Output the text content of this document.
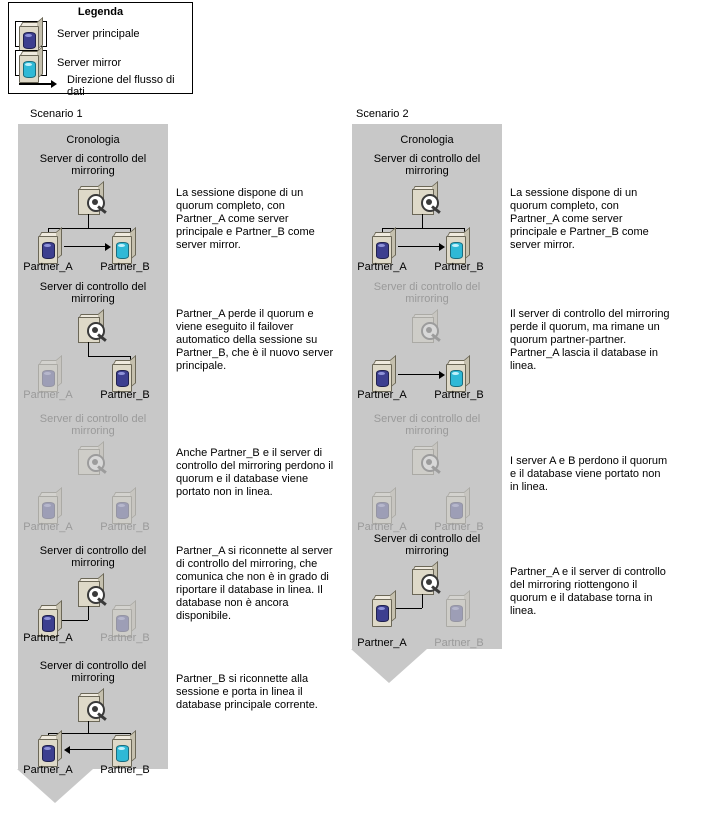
Legenda
Server principale
Server mirror
Direzione del flusso di dati
Scenario 1
Cronologia
Server di controllo del mirroring
Partner_A	Partner_B
La sessione dispone di un quorum completo, con Partner_A come server principale e Partner_B come server mirror.
Server di controllo del mirroring
Partner_A	Partner_B
Partner_A perde il quorum e viene eseguito il failover automatico della sessione su Partner_B, che è il nuovo server principale.
Server di controllo del mirroring
Partner_A	Partner_B
Anche Partner_B e il server di controllo del mirroring perdono il quorum e il database viene portato non in linea.
Server di controllo del mirroring
Partner_A	Partner_B
Partner_A si riconnette al server di controllo del mirroring, che comunica che non è in grado di riportare il database in linea. Il database non è ancora disponibile.
Server di controllo del mirroring
Partner_A	Partner_B
Partner_B si riconnette alla sessione e porta in linea il database principale corrente.
Scenario 2
Cronologia
Server di controllo del mirroring
Partner_A	Partner_B
La sessione dispone di un quorum completo, con Partner_A come server principale e Partner_B come server mirror.
Server di controllo del mirroring
Partner_A	Partner_B
Il server di controllo del mirroring perde il quorum, ma rimane un quorum partner-partner. Partner_A lascia il database in linea.
Server di controllo del mirroring
Partner_A	Partner_B
I server A e B perdono il quorum e il database viene portato non in linea.
Server di controllo del mirroring
Partner_A	Partner_B
Partner_A e il server di controllo del mirroring riottengono il quorum e il database torna in linea.
